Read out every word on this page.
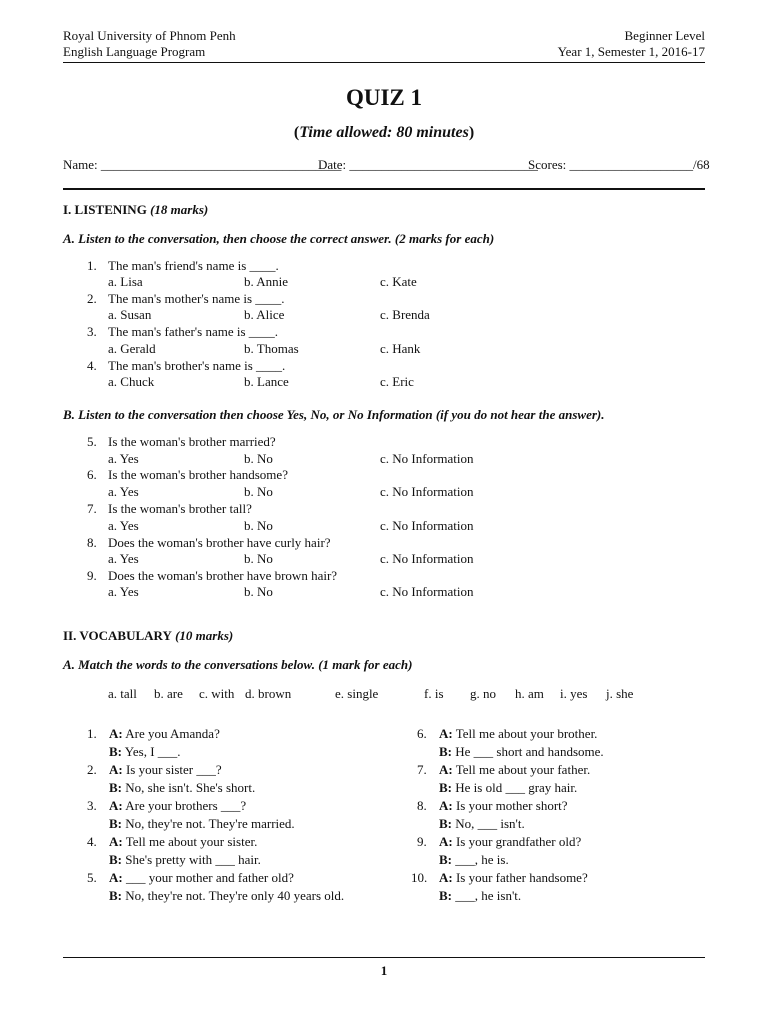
Royal University of Phnom Penh
English Language Program
Beginner Level
Year 1, Semester 1, 2016-17
QUIZ 1
(Time allowed: 80 minutes)
Name: _____________________________________
Date: _____________________________
Scores: ___________________/68
I. LISTENING (18 marks)
A. Listen to the conversation, then choose the correct answer. (2 marks for each)
1. The man's friend's name is ____.
a. Lisa	b. Annie	c. Kate
2. The man's mother's name is ____.
a. Susan	b. Alice	c. Brenda
3. The man's father's name is ____.
a. Gerald	b. Thomas	c. Hank
4. The man's brother's name is ____.
a. Chuck	b. Lance	c. Eric
B. Listen to the conversation then choose Yes, No, or No Information (if you do not hear the answer).
5. Is the woman's brother married?
a. Yes	b. No	c. No Information
6. Is the woman's brother handsome?
a. Yes	b. No	c. No Information
7. Is the woman's brother tall?
a. Yes	b. No	c. No Information
8. Does the woman's brother have curly hair?
a. Yes	b. No	c. No Information
9. Does the woman's brother have brown hair?
a. Yes	b. No	c. No Information
II. VOCABULARY (10 marks)
A. Match the words to the conversations below. (1 mark for each)
a. tall b. are c. with d. brown	e. single	f. is g. no h. am i. yes j. she
1. A: Are you Amanda?
B: Yes, I ___.
2. A: Is your sister ___?
B: No, she isn't. She's short.
3. A: Are your brothers ___?
B: No, they're not. They're married.
4. A: Tell me about your sister.
B: She's pretty with ___ hair.
5. A: ___ your mother and father old?
B: No, they're not. They're only 40 years old.
6. A: Tell me about your brother.
B: He ___ short and handsome.
7. A: Tell me about your father.
B: He is old ___ gray hair.
8. A: Is your mother short?
B: No, ___ isn't.
9. A: Is your grandfather old?
B: ___, he is.
10. A: Is your father handsome?
B: ___, he isn't.
1
